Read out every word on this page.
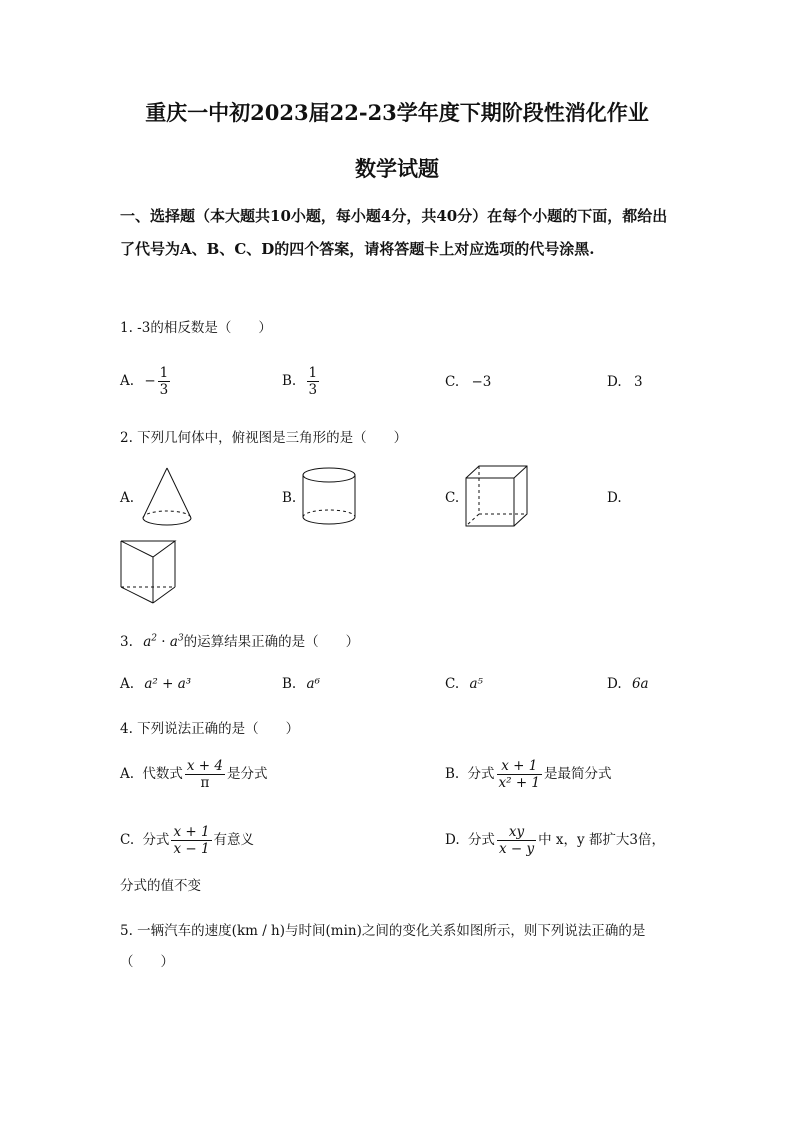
重庆一中初2023届22-23学年度下期阶段性消化作业
数学试题
一、选择题（本大题共10小题，每小题4分，共40分）在每个小题的下面，都给出了代号为A、B、C、D的四个答案，请将答题卡上对应选项的代号涂黑.
1. -3的相反数是（　　）
A. − $\frac{1}{3}$	B. $\frac{1}{3}$	C. −3	D. 3
2. 下列几何体中，俯视图是三角形的是（　　）
A.	B.	C.	D.
3. $a^2 \cdot a^3$的运算结果正确的是（　　）
A. a² + a³	B. a⁶	C. a⁵	D. 6a
4. 下列说法正确的是（　　）
A. 代数式 $\frac{x + 4}{\pi}$ 是分式	B. 分式 $\frac{x + 1}{\text{x² + 1}}$ 是最简分式
C. 分式 $\frac{x + 1}{x - 1}$ 有意义	D. 分式 $\frac{xy}{x - y}$ 中 x，y 都扩大3倍，
分式的值不变
5. 一辆汽车的速度(km / h)与时间(min)之间的变化关系如图所示，则下列说法正确的是
（　　）
